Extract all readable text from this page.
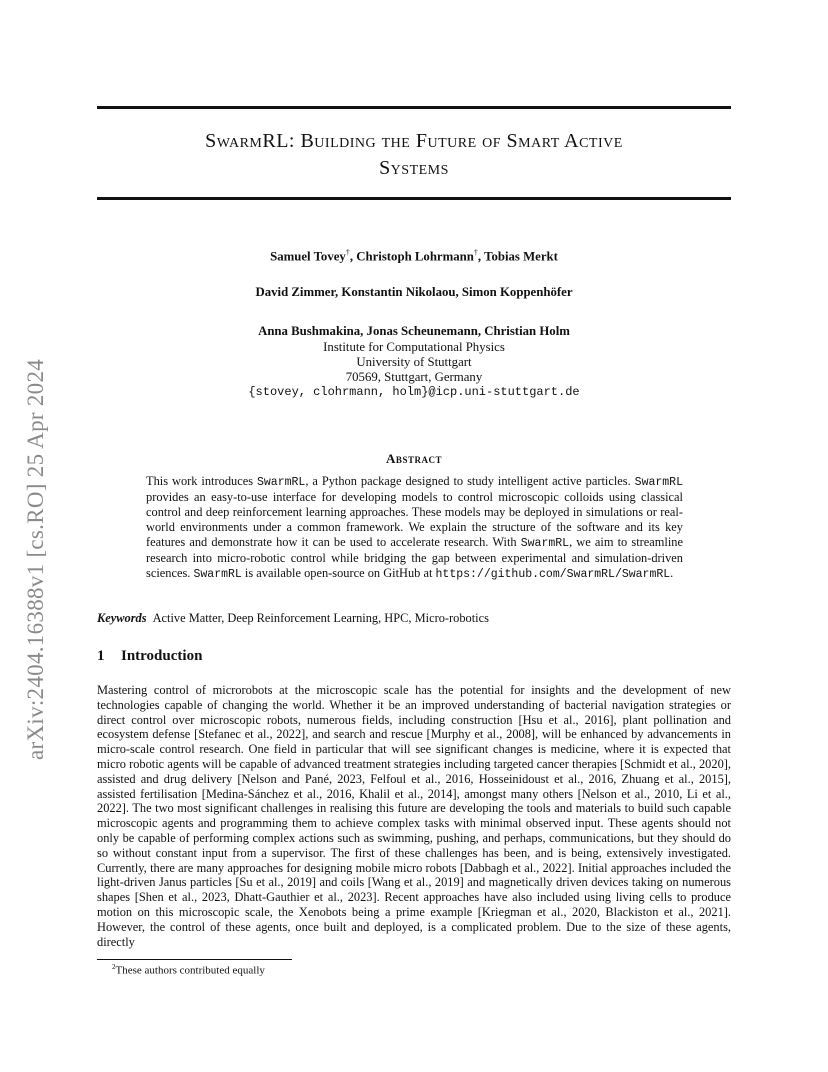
arXiv:2404.16388v1 [cs.RO] 25 Apr 2024
SwarmRL: Building the Future of Smart Active
Systems
Samuel Tovey†, Christoph Lohrmann†, Tobias Merkt
David Zimmer, Konstantin Nikolaou, Simon Koppenhöfer
Anna Bushmakina, Jonas Scheunemann, Christian Holm
Institute for Computational Physics
University of Stuttgart
70569, Stuttgart, Germany
{stovey, clohrmann, holm}@icp.uni-stuttgart.de
Abstract
This work introduces SwarmRL, a Python package designed to study intelligent active particles. SwarmRL provides an easy-to-use interface for developing models to control microscopic colloids using classical control and deep reinforcement learning approaches. These models may be deployed in simulations or real-world environments under a common framework. We explain the structure of the software and its key features and demonstrate how it can be used to accelerate research. With SwarmRL, we aim to streamline research into micro-robotic control while bridging the gap between experimental and simulation-driven sciences. SwarmRL is available open-source on GitHub at https://github.com/SwarmRL/SwarmRL.
Keywords Active Matter, Deep Reinforcement Learning, HPC, Micro-robotics
1 Introduction
Mastering control of microrobots at the microscopic scale has the potential for insights and the development of new technologies capable of changing the world. Whether it be an improved understanding of bacterial navigation strategies or direct control over microscopic robots, numerous fields, including construction [Hsu et al., 2016], plant pollination and ecosystem defense [Stefanec et al., 2022], and search and rescue [Murphy et al., 2008], will be enhanced by advancements in micro-scale control research. One field in particular that will see significant changes is medicine, where it is expected that micro robotic agents will be capable of advanced treatment strategies including targeted cancer therapies [Schmidt et al., 2020], assisted and drug delivery [Nelson and Pané, 2023, Felfoul et al., 2016, Hosseinidoust et al., 2016, Zhuang et al., 2015], assisted fertilisation [Medina-Sánchez et al., 2016, Khalil et al., 2014], amongst many others [Nelson et al., 2010, Li et al., 2022]. The two most significant challenges in realising this future are developing the tools and materials to build such capable microscopic agents and programming them to achieve complex tasks with minimal observed input. These agents should not only be capable of performing complex actions such as swimming, pushing, and perhaps, communications, but they should do so without constant input from a supervisor. The first of these challenges has been, and is being, extensively investigated. Currently, there are many approaches for designing mobile micro robots [Dabbagh et al., 2022]. Initial approaches included the light-driven Janus particles [Su et al., 2019] and coils [Wang et al., 2019] and magnetically driven devices taking on numerous shapes [Shen et al., 2023, Dhatt-Gauthier et al., 2023]. Recent approaches have also included using living cells to produce motion on this microscopic scale, the Xenobots being a prime example [Kriegman et al., 2020, Blackiston et al., 2021]. However, the control of these agents, once built and deployed, is a complicated problem. Due to the size of these agents, directly
$^2$These authors contributed equally
